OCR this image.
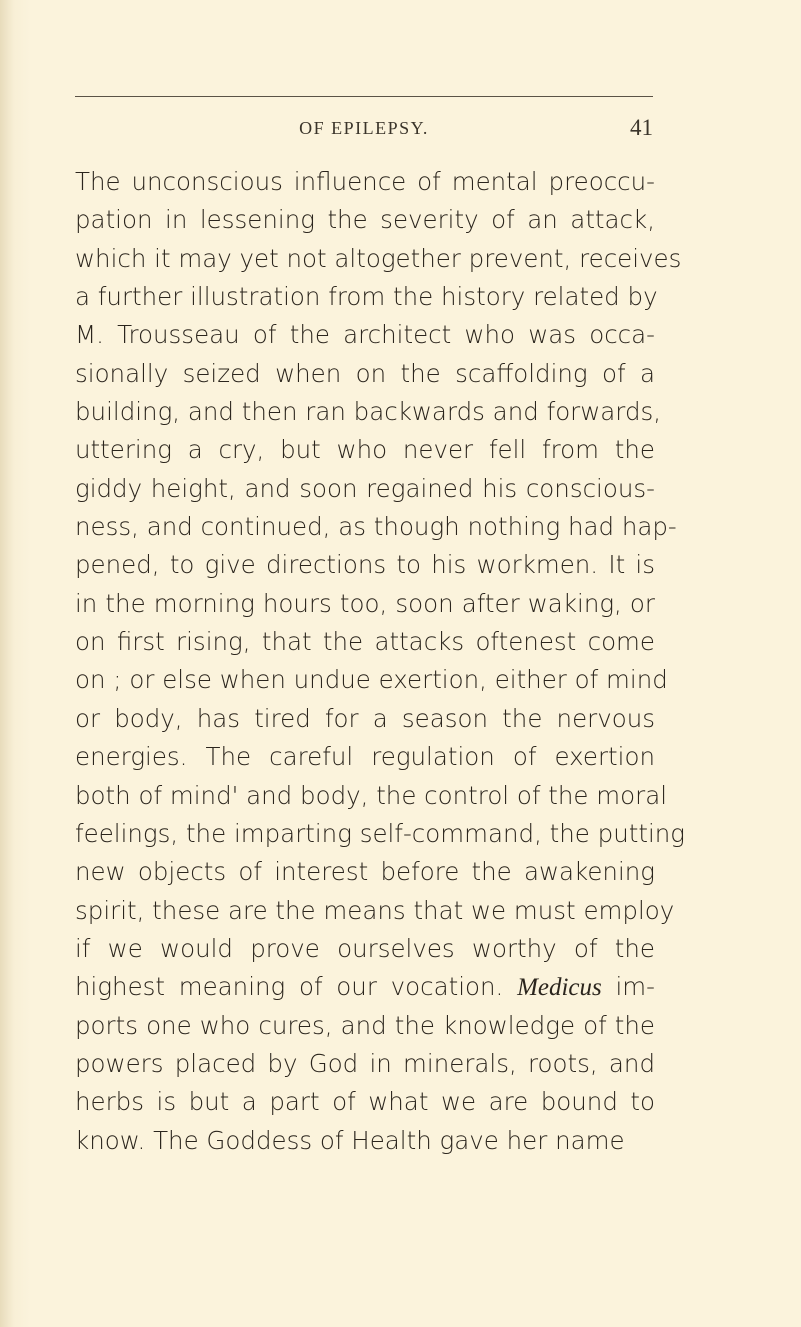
OF EPILEPSY.	41
The unconscious influence of mental preoccu-
pation in lessening the severity of an attack,
which it may yet not altogether prevent, receives
a further illustration from the history related by
M. Trousseau of the architect who was occa-
sionally seized when on the scaffolding of a
building, and then ran backwards and forwards,
uttering a cry, but who never fell from the
giddy height, and soon regained his conscious-
ness, and continued, as though nothing had hap-
pened, to give directions to his workmen. It is
in the morning hours too, soon after waking, or
on first rising, that the attacks oftenest come
on ; or else when undue exertion, either of mind
or body, has tired for a season the nervous
energies. The careful regulation of exertion
both of mind' and body, the control of the moral
feelings, the imparting self-command, the putting
new objects of interest before the awakening
spirit, these are the means that we must employ
if we would prove ourselves worthy of the
highest meaning of our vocation. Medicus im-
ports one who cures, and the knowledge of the
powers placed by God in minerals, roots, and
herbs is but a part of what we are bound to
know. The Goddess of Health gave her name
